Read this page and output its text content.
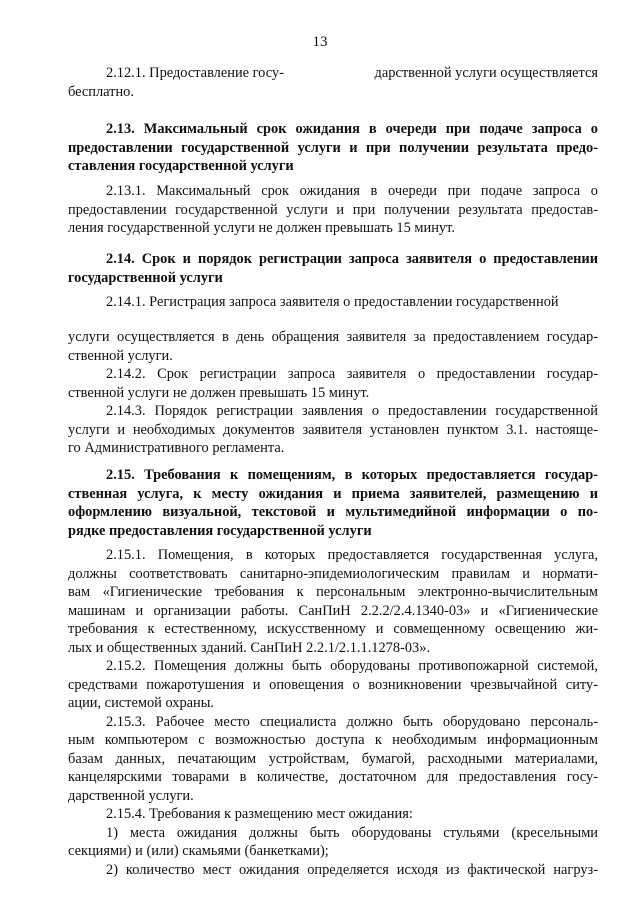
13
2.12.1. Предоставление госу-	дарственной услуги осуществляется
бесплатно.
2.13. Максимальный срок ожидания в очереди при подаче запроса о
предоставлении государственной услуги и при получении результата предо-
ставления государственной услуги
2.13.1. Максимальный срок ожидания в очереди при подаче запроса о
предоставлении государственной услуги и при получении результата предостав-
ления государственной услуги не должен превышать 15 минут.
2.14. Срок и порядок регистрации запроса заявителя о предоставлении
государственной услуги
2.14.1. Регистрация запроса заявителя о предоставлении государственной
услуги осуществляется в день обращения заявителя за предоставлением государ-
ственной услуги.
2.14.2. Срок регистрации запроса заявителя о предоставлении государ-
ственной услуги не должен превышать 15 минут.
2.14.3. Порядок регистрации заявления о предоставлении государственной
услуги и необходимых документов заявителя установлен пунктом 3.1. настояще-
го Административного регламента.
2.15. Требования к помещениям, в которых предоставляется государ-
ственная услуга, к месту ожидания и приема заявителей, размещению и
оформлению визуальной, текстовой и мультимедийной информации о по-
рядке предоставления государственной услуги
2.15.1. Помещения, в которых предоставляется государственная услуга,
должны соответствовать санитарно-эпидемиологическим правилам и нормати-
вам «Гигиенические требования к персональным электронно-вычислительным
машинам и организации работы. СанПиН 2.2.2/2.4.1340-03» и «Гигиенические
требования к естественному, искусственному и совмещенному освещению жи-
лых и общественных зданий. СанПиН 2.2.1/2.1.1.1278-03».
2.15.2. Помещения должны быть оборудованы противопожарной системой,
средствами пожаротушения и оповещения о возникновении чрезвычайной ситу-
ации, системой охраны.
2.15.3. Рабочее место специалиста должно быть оборудовано персональ-
ным компьютером с возможностью доступа к необходимым информационным
базам данных, печатающим устройствам, бумагой, расходными материалами,
канцелярскими товарами в количестве, достаточном для предоставления госу-
дарственной услуги.
2.15.4. Требования к размещению мест ожидания:
1) места ожидания должны быть оборудованы стульями (кресельными
секциями) и (или) скамьями (банкетками);
2) количество мест ожидания определяется исходя из фактической нагруз-
